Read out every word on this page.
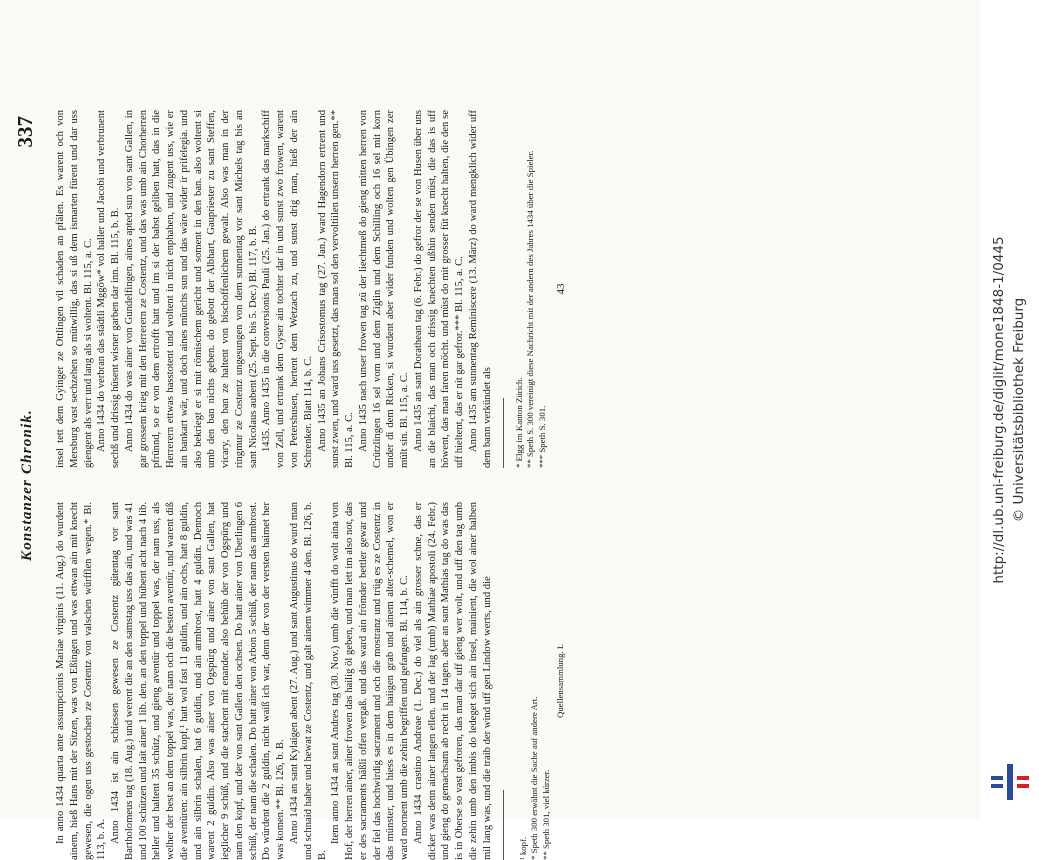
Konstanzer Chronik.
337

In anno 1434 quarta ante assumpcionis Mariae virginis (11. Aug.) do wurdent ainem, hieß Hans mit der Sitzen, was von Eßingen und was ettwan ain mit knecht gewesen, die ogen uss gestochen ze Costentz von valschen würfflen wegen.* Bl. 113, b. A. Anno 1434 ist ain schiessen gewesen ze Costentz gütentag vor sant Bartholomeus tag (18. Aug.) und werent die an den samstag uss das ain, und was 41 und 100 schützen und lait ainer 1 lib. den. an den toppel und hübent acht nach 4 lib. heller und haltent 35 schütz, und gieng aventür und toppel was, der nam uss, als welher der best an dem toppel was, der nam och die besten aventür, und warent diß die aventüren: ain silbrin kopf,¹ hatt wol fast 11 guldin, und ain ochs, hatt 8 guldin, und ain silbrin schalen, hat 6 guldin, und ain armbrost, hatt 4 guldin. Dennoch warent 2 guldin. Also was ainer von Ogspürg und ainer von sant Gallen, hat ieglicher 9 schüß, und die stachent mit enander. also behüb der von Ogspürg und nam den kopf, und der von sant Gallen den ochsen. Do hatt ainer von Uberlingen 6 schüß, der nam die schalen. Do hatt ainer von Arbon 5 schüß, der nam das armbrost. Do würdent die 2 guldin, nicht waiß ich war, denn der von der versten haimet her was komen.** Bl. 126, b. B. Anno 1434 an sant Kylaigen abent (27. Aug.) und sant Augustinus do wurd man und schnaid haber und hewat ze Costentz, und galt ainem wimmer 4 den. Bl. 126, b. B.

Item anno 1434 an sant Andres tag (30. Nov.) umb die vünfft do wolt aina von Hof, der herren ainer, ainer frowen das hailig öl geben, und man lett im also not, das er des sacraments häßli offen vergaß. und das ward ain frömder bettler gewar und der fiel das hochwirdig sacrament und och die mostranz und trüg es ze Costentz in das münster, und hiess es in dem haiigen grab und ainem alter-schemel, won er ward mornent umb die zehin begriffen und gefangen. Bl. 114, b. C. Anno 1434 crastino Andreae (1. Dec.) do viel als ain grosser schne, das er dicker was denn ainer langen ellen. und der lag (umb) Mathiae apostoli (24. Febr.) und gieng do gemachsam ab recht in 14 tagen. aber an sant Mathias tag do was das is in Oberse so vast gefroren, das man dar uff gieng wer wolt, und uff den tag umb die zehin umb den imbis do ledeget sich ain insel, mainient, die wol ainer halben mil lang was, und die traib der wind uff gen Lindow werts, und die	¹ kopf. * Speth 300 erwähnt die Sache auf andere Art. ** Speth 301, viel kürzer.
Quellensammlung. I.

insel tett dem Gyinger ze Ottlingen vil schaden an pfälen. Es warent och von Mersburg vast sechzehen so mütwillig, das si uß dem ismarten fürent und dar uss giengent als verr und lang als si woltent. Bl. 115, a. C. Anno 1434 do verbran das städtli Mggöw* vol haller und Jacobi und verbrunent sechß und drissig hüsent wisner garben dar inn. Bl. 115, b. B. Anno 1434 do was ainer von Gundelfingen, aines apted sun von sant Gallen, in gar grossem krieg mit den Herrerern ze Costentz, und das was umb ain Chorherren pfrünnd, so er von dem ertrofft hatt und im si der babst geliben hatt, das in die Herrerern ettwas hasstotent und woltent in nicht enphahen, und zugent uss, wie er ain bankart wär, und doch aines münchs sun und das wäre wider ir prifelegia. und also bekriegt er si mit römischem gericht und soment in den ban. also woltent si umb den ban nichts geben. do gebott der Albhart, Gaupriester zu sant Steffen, vicary, den ban ze haltent von bischoffenlichem gewalt. Also was man in der ringmur ze Costentz ungesungen von dem sunnentag vor sant Michels tag bis an sant Nicolaus aubent (25. Sept. bis 5. Dec.) Bl. 117, b. B. 1435. Anno 1435 in die conversionis Pauli (25. Jan.) do ertrank das markschiff von Zell, und ertrank dem Gyser ain tochter dar in und sunst zwo frowen, warent von Petershusen, hertent dem Wetzach zu, und sunst drig man, hieß der ain Schrenker. Blatt 114, b. C. Anno 1435 an Johans Crisostomus tag (27. Jan.) ward Hagendorn ertrent und sunst zwen, und ward uss gesetzt, das man sol den vervoltiilen unsern herren gen.** Bl. 115, a. C. Anno 1435 nach unser frowen tag zü der liechtmeß do gieng mitten herren von Crützlingen 16 sel vom und dem Ziglin und dem Schilling och 16 sel mit korn under di dem Ricken, si wurdent aber wider funden und wolten gen Übingen zer mült sin. Bl. 115, a. C. Anno 1435 an sant Dorathean tag (6. Febr.) do gefror der se von Husen über uns an die blaichi, das man och drissig knechten ußhin senden müst, die das is uff höwent, das man faren möcht. und müst do mit grosser füt knecht halten, die den se uff hieltent, das er nit gar gefror.*** Bl. 115, a. C. Anno 1435 am sunnentag Reminiscere (13. März) do ward mengklich wider uff dem bann verkündet als * Elgg im Kanton Zürich. ** Speth S. 300 vereinigt diese Nachricht mit der andern des Jahres 1434 über die Spieler. *** Speth S. 301.
43	http://dl.ub.uni-freiburg.de/diglit/mone1848-1/0445 © Universitätsbibliothek Freiburg
